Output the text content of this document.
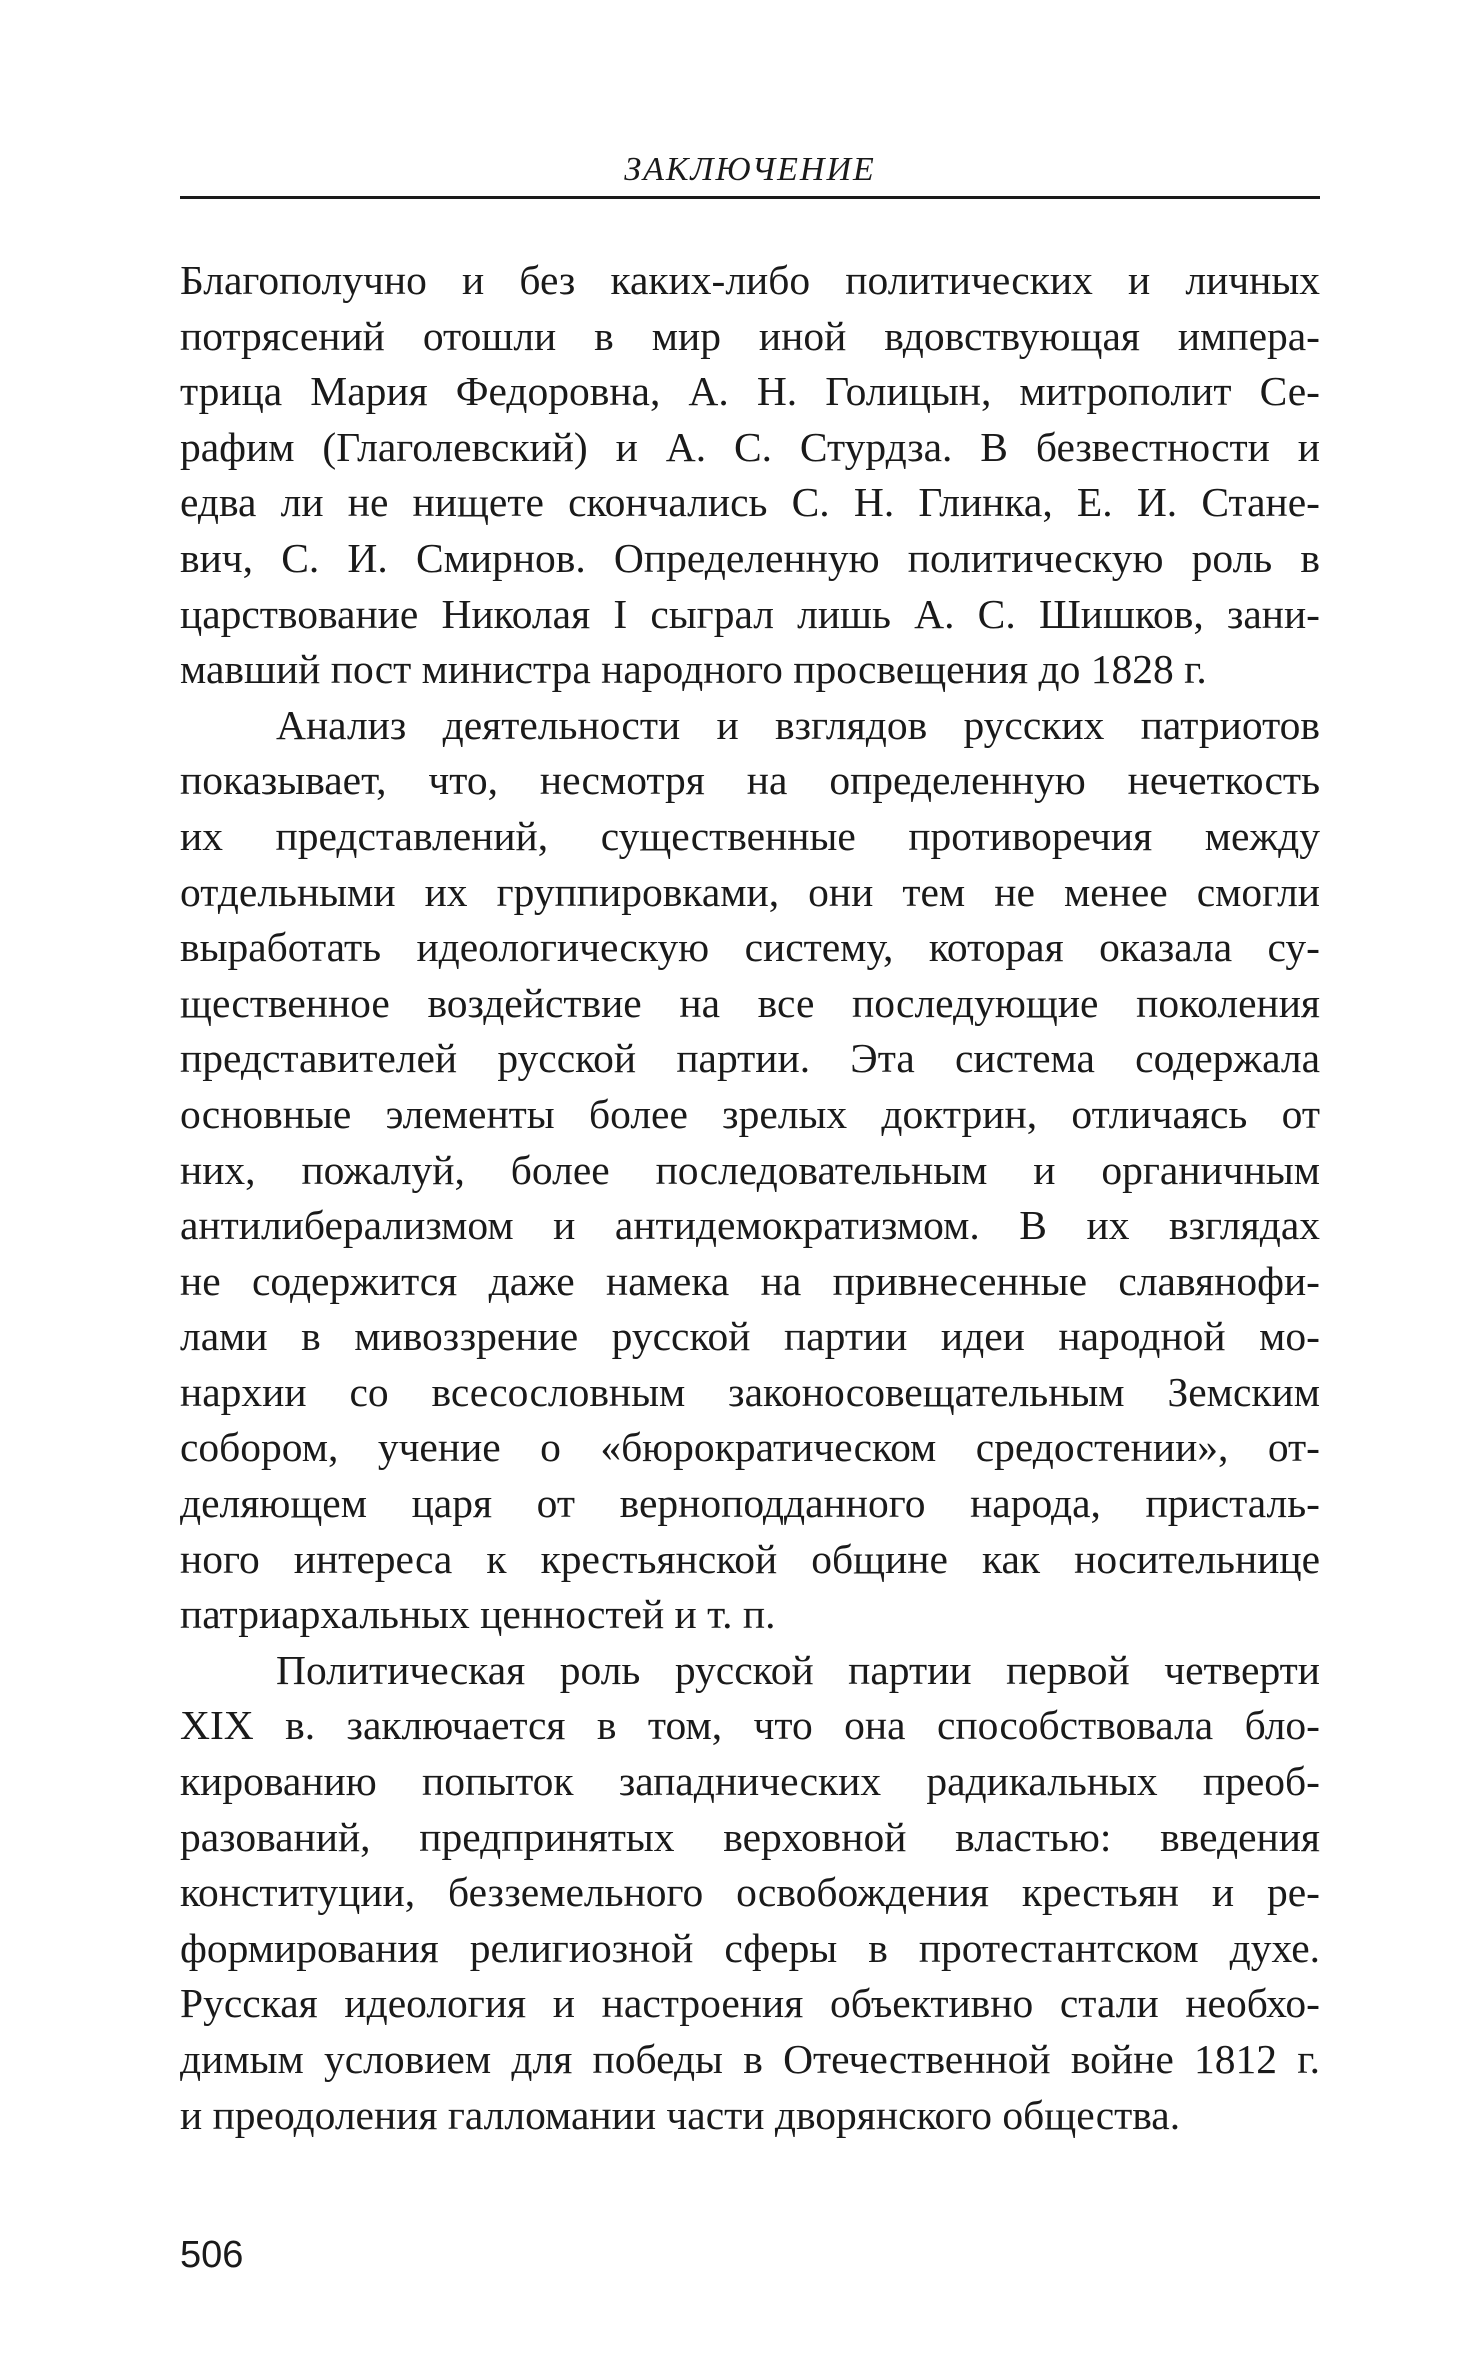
ЗАКЛЮЧЕНИЕ

Благополучно и без каких-либо политических и личных
потрясений отошли в мир иной вдовствующая импера-
трица Мария Федоровна, А. Н. Голицын, митрополит Се-
рафим (Глаголевский) и А. С. Стурдза. В безвестности и
едва ли не нищете скончались С. Н. Глинка, Е. И. Стане-
вич, С. И. Смирнов. Определенную политическую роль в
царствование Николая I сыграл лишь А. С. Шишков, зани-
мавший пост министра народного просвещения до 1828 г.

Анализ деятельности и взглядов русских патриотов
показывает, что, несмотря на определенную нечеткость
их представлений, существенные противоречия между
отдельными их группировками, они тем не менее смогли
выработать идеологическую систему, которая оказала су-
щественное воздействие на все последующие поколения
представителей русской партии. Эта система содержала
основные элементы более зрелых доктрин, отличаясь от
них, пожалуй, более последовательным и органичным
антилиберализмом и антидемократизмом. В их взглядах
не содержится даже намека на привнесенные славянофи-
лами в мивоззрение русской партии идеи народной мо-
нархии со всесословным законосовещательным Земским
собором, учение о «бюрократическом средостении», от-
деляющем царя от верноподданного народа, присталь-
ного интереса к крестьянской общине как носительнице
патриархальных ценностей и т. п.

Политическая роль русской партии первой четверти
XIX в. заключается в том, что она способствовала бло-
кированию попыток западнических радикальных преоб-
разований, предпринятых верховной властью: введения
конституции, безземельного освобождения крестьян и ре-
формирования религиозной сферы в протестантском духе.
Русская идеология и настроения объективно стали необхо-
димым условием для победы в Отечественной войне 1812 г.
и преодоления галломании части дворянского общества.

506
